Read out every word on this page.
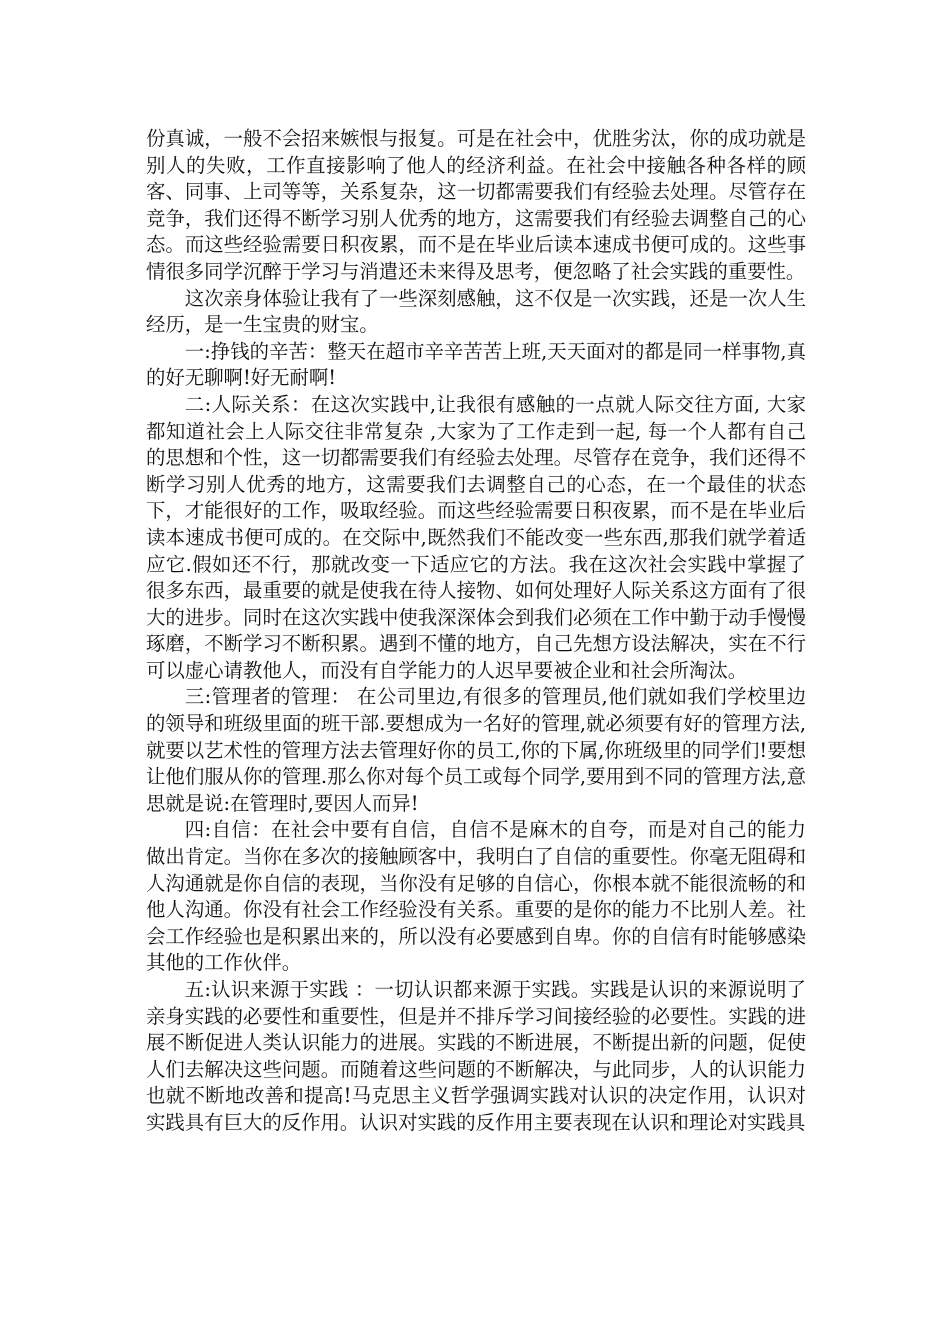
份真诚，一般不会招来嫉恨与报复。可是在社会中，优胜劣汰，你的成功就是别人的失败，工作直接影响了他人的经济利益。在社会中接触各种各样的顾客、同事、上司等等，关系复杂，这一切都需要我们有经验去处理。尽管存在竞争，我们还得不断学习别人优秀的地方，这需要我们有经验去调整自己的心态。而这些经验需要日积夜累，而不是在毕业后读本速成书便可成的。这些事情很多同学沉醉于学习与消遣还未来得及思考，便忽略了社会实践的重要性。

这次亲身体验让我有了一些深刻感触，这不仅是一次实践，还是一次人生经历，是一生宝贵的财宝。

一:挣钱的辛苦：整天在超市辛辛苦苦上班,天天面对的都是同一样事物,真的好无聊啊!好无耐啊!

二:人际关系：在这次实践中,让我很有感触的一点就人际交往方面, 大家都知道社会上人际交往非常复杂 ,大家为了工作走到一起, 每一个人都有自己的思想和个性，这一切都需要我们有经验去处理。尽管存在竞争，我们还得不断学习别人优秀的地方，这需要我们去调整自己的心态，在一个最佳的状态下，才能很好的工作，吸取经验。而这些经验需要日积夜累，而不是在毕业后读本速成书便可成的。在交际中,既然我们不能改变一些东西,那我们就学着适应它.假如还不行，那就改变一下适应它的方法。我在这次社会实践中掌握了很多东西，最重要的就是使我在待人接物、如何处理好人际关系这方面有了很大的进步。同时在这次实践中使我深深体会到我们必须在工作中勤于动手慢慢琢磨，不断学习不断积累。遇到不懂的地方，自己先想方设法解决，实在不行可以虚心请教他人，而没有自学能力的人迟早要被企业和社会所淘汰。

三:管理者的管理： 在公司里边,有很多的管理员,他们就如我们学校里边的领导和班级里面的班干部.要想成为一名好的管理,就必须要有好的管理方法,就要以艺术性的管理方法去管理好你的员工,你的下属,你班级里的同学们!要想让他们服从你的管理.那么你对每个员工或每个同学,要用到不同的管理方法,意思就是说:在管理时,要因人而异!

四:自信：在社会中要有自信，自信不是麻木的自夸，而是对自己的能力做出肯定。当你在多次的接触顾客中，我明白了自信的重要性。你毫无阻碍和人沟通就是你自信的表现，当你没有足够的自信心，你根本就不能很流畅的和他人沟通。你没有社会工作经验没有关系。重要的是你的能力不比别人差。社会工作经验也是积累出来的，所以没有必要感到自卑。你的自信有时能够感染其他的工作伙伴。

五:认识来源于实践 ：一切认识都来源于实践。实践是认识的来源说明了亲身实践的必要性和重要性，但是并不排斥学习间接经验的必要性。实践的进展不断促进人类认识能力的进展。实践的不断进展，不断提出新的问题，促使人们去解决这些问题。而随着这些问题的不断解决，与此同步，人的认识能力也就不断地改善和提高!马克思主义哲学强调实践对认识的决定作用，认识对实践具有巨大的反作用。认识对实践的反作用主要表现在认识和理论对实践具
